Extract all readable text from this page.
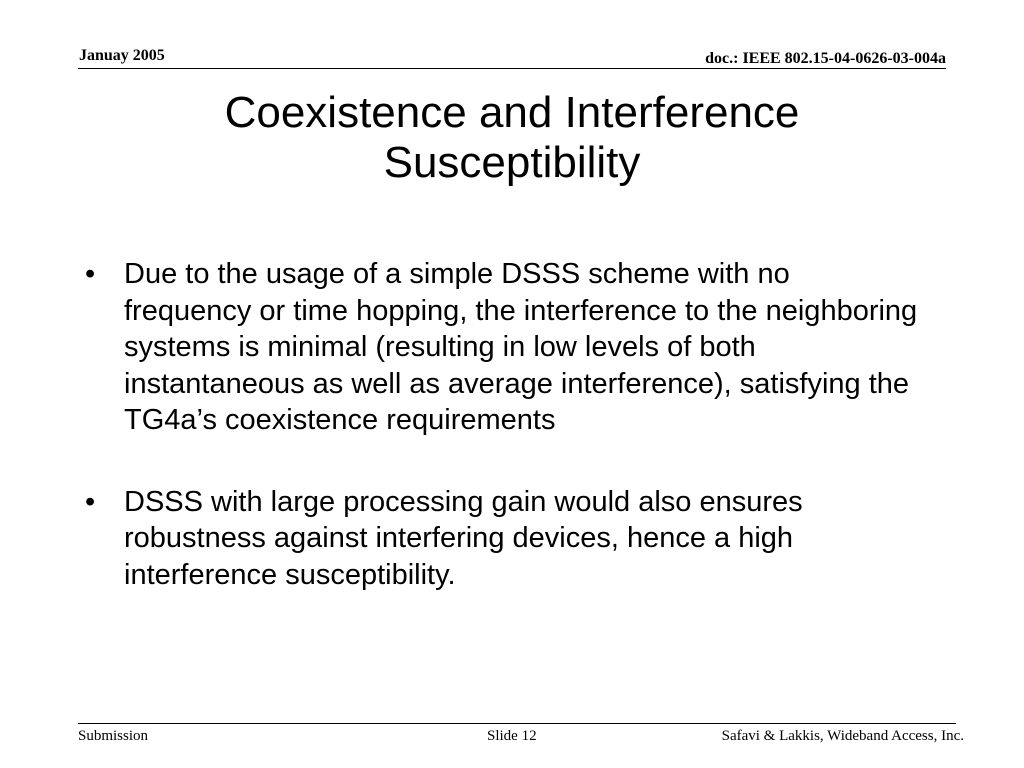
Januay 2005	doc.: IEEE 802.15-04-0626-03-004a
Coexistence and Interference
Susceptibility
• Due to the usage of a simple DSSS scheme with no frequency or time hopping, the interference to the neighboring systems is minimal (resulting in low levels of both instantaneous as well as average interference), satisfying the TG4a’s coexistence requirements
• DSSS with large processing gain would also ensures robustness against interfering devices, hence a high interference susceptibility.
Submission	Slide 12	Safavi & Lakkis, Wideband Access, Inc.
